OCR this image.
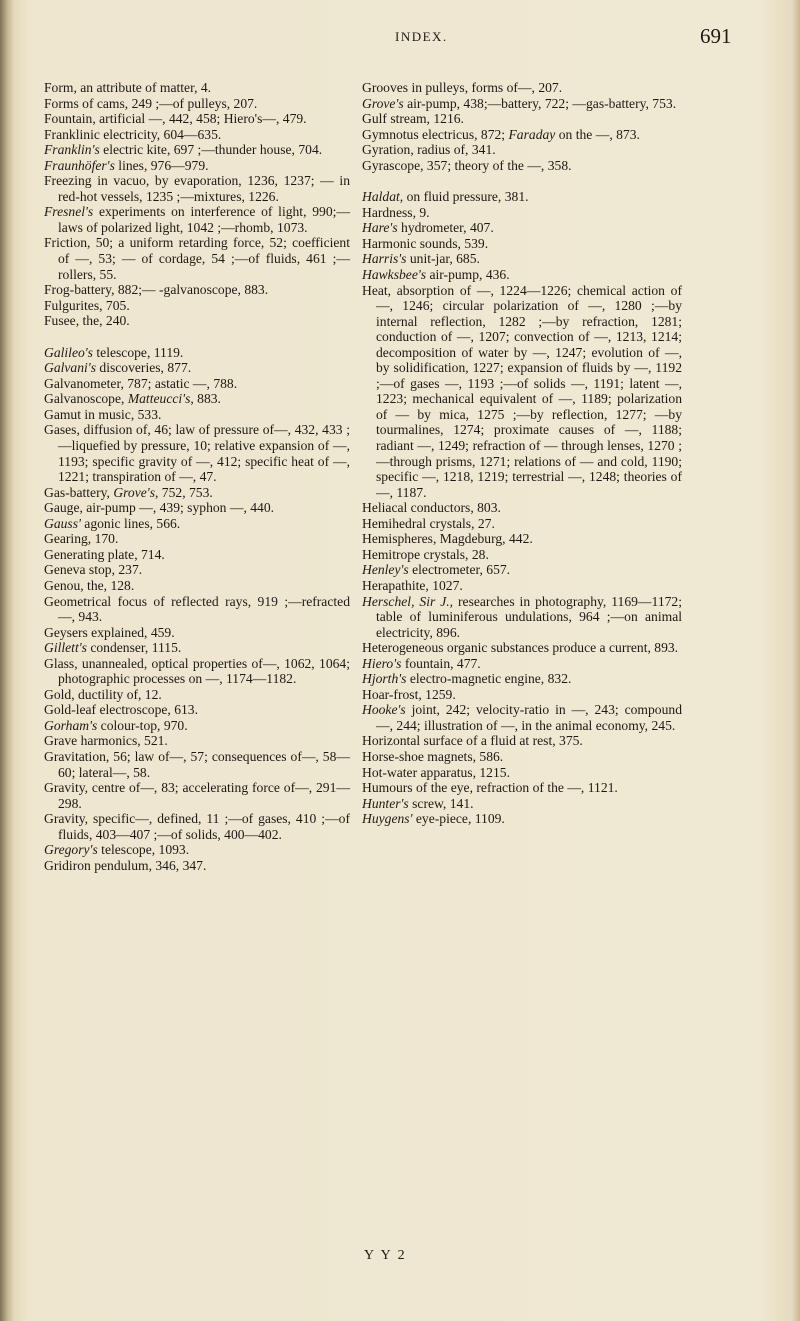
INDEX.	691

Form, an attribute of matter, 4.

Forms of cams, 249 ;—of pulleys, 207.

Fountain, artificial —, 442, 458; Hiero's—, 479.

Franklinic electricity, 604—635.

Franklin's electric kite, 697 ;—thunder house, 704.

Fraunhöfer's lines, 976—979.

Freezing in vacuo, by evaporation, 1236, 1237; — in red-hot vessels, 1235 ;—mixtures, 1226.

Fresnel's experiments on interference of light, 990;—laws of polarized light, 1042 ;—rhomb, 1073.

Friction, 50; a uniform retarding force, 52; coefficient of —, 53; — of cordage, 54 ;—of fluids, 461 ;— rollers, 55.

Frog-battery, 882;— -galvanoscope, 883.

Fulgurites, 705.

Fusee, the, 240.

Galileo's telescope, 1119.

Galvani's discoveries, 877.

Galvanometer, 787; astatic —, 788.

Galvanoscope, Matteucci's, 883.

Gamut in music, 533.

Gases, diffusion of, 46; law of pressure of—, 432, 433 ;—liquefied by pressure, 10; relative expansion of —, 1193; specific gravity of —, 412; specific heat of —, 1221; transpiration of —, 47.

Gas-battery, Grove's, 752, 753.

Gauge, air-pump —, 439; syphon —, 440.

Gauss' agonic lines, 566.

Gearing, 170.

Generating plate, 714.

Geneva stop, 237.

Genou, the, 128.

Geometrical focus of reflected rays, 919 ;—refracted —, 943.

Geysers explained, 459.

Gillett's condenser, 1115.

Glass, unannealed, optical properties of—, 1062, 1064; photographic processes on —, 1174—1182.

Gold, ductility of, 12.

Gold-leaf electroscope, 613.

Gorham's colour-top, 970.

Grave harmonics, 521.

Gravitation, 56; law of—, 57; consequences of—, 58—60; lateral—, 58.

Gravity, centre of—, 83; accelerating force of—, 291—298.

Gravity, specific—, defined, 11 ;—of gases, 410 ;—of fluids, 403—407 ;—of solids, 400—402.

Gregory's telescope, 1093.

Gridiron pendulum, 346, 347.

Grooves in pulleys, forms of—, 207.

Grove's air-pump, 438;—battery, 722; —gas-battery, 753.

Gulf stream, 1216.

Gymnotus electricus, 872; Faraday on the —, 873.

Gyration, radius of, 341.

Gyrascope, 357; theory of the —, 358.

Haldat, on fluid pressure, 381.

Hardness, 9.

Hare's hydrometer, 407.

Harmonic sounds, 539.

Harris's unit-jar, 685.

Hawksbee's air-pump, 436.

Heat, absorption of —, 1224—1226; chemical action of —, 1246; circular polarization of —, 1280 ;—by internal reflection, 1282 ;—by refraction, 1281; conduction of —, 1207; convection of —, 1213, 1214; decomposition of water by —, 1247; evolution of —, by solidification, 1227; expansion of fluids by —, 1192 ;—of gases —, 1193 ;—of solids —, 1191; latent —, 1223; mechanical equivalent of —, 1189; polarization of — by mica, 1275 ;—by reflection, 1277; —by tourmalines, 1274; proximate causes of —, 1188; radiant —, 1249; refraction of — through lenses, 1270 ;—through prisms, 1271; relations of — and cold, 1190; specific —, 1218, 1219; terrestrial —, 1248; theories of —, 1187.

Heliacal conductors, 803.

Hemihedral crystals, 27.

Hemispheres, Magdeburg, 442.

Hemitrope crystals, 28.

Henley's electrometer, 657.

Herapathite, 1027.

Herschel, Sir J., researches in photography, 1169—1172; table of luminiferous undulations, 964 ;—on animal electricity, 896.

Heterogeneous organic substances produce a current, 893.

Hiero's fountain, 477.

Hjorth's electro-magnetic engine, 832.

Hoar-frost, 1259.

Hooke's joint, 242; velocity-ratio in —, 243; compound —, 244; illustration of —, in the animal economy, 245.

Horizontal surface of a fluid at rest, 375.

Horse-shoe magnets, 586.

Hot-water apparatus, 1215.

Humours of the eye, refraction of the —, 1121.

Hunter's screw, 141.

Huygens' eye-piece, 1109.

Y Y 2
